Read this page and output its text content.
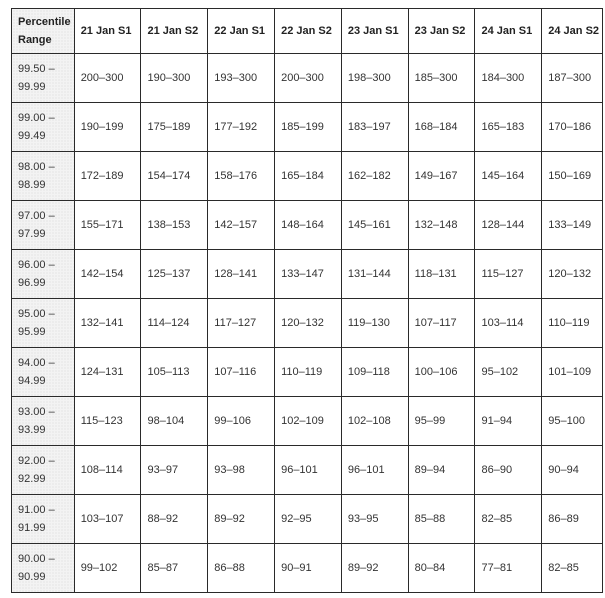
Percentile Range	21 Jan S1	21 Jan S2	22 Jan S1	22 Jan S2	23 Jan S1	23 Jan S2	24 Jan S1	24 Jan S2
99.50 – 99.99	200–300	190–300	193–300	200–300	198–300	185–300	184–300	187–300
99.00 – 99.49	190–199	175–189	177–192	185–199	183–197	168–184	165–183	170–186
98.00 – 98.99	172–189	154–174	158–176	165–184	162–182	149–167	145–164	150–169
97.00 – 97.99	155–171	138–153	142–157	148–164	145–161	132–148	128–144	133–149
96.00 – 96.99	142–154	125–137	128–141	133–147	131–144	118–131	115–127	120–132
95.00 – 95.99	132–141	114–124	117–127	120–132	119–130	107–117	103–114	110–119
94.00 – 94.99	124–131	105–113	107–116	110–119	109–118	100–106	95–102	101–109
93.00 – 93.99	115–123	98–104	99–106	102–109	102–108	95–99	91–94	95–100
92.00 – 92.99	108–114	93–97	93–98	96–101	96–101	89–94	86–90	90–94
91.00 – 91.99	103–107	88–92	89–92	92–95	93–95	85–88	82–85	86–89
90.00 – 90.99	99–102	85–87	86–88	90–91	89–92	80–84	77–81	82–85
